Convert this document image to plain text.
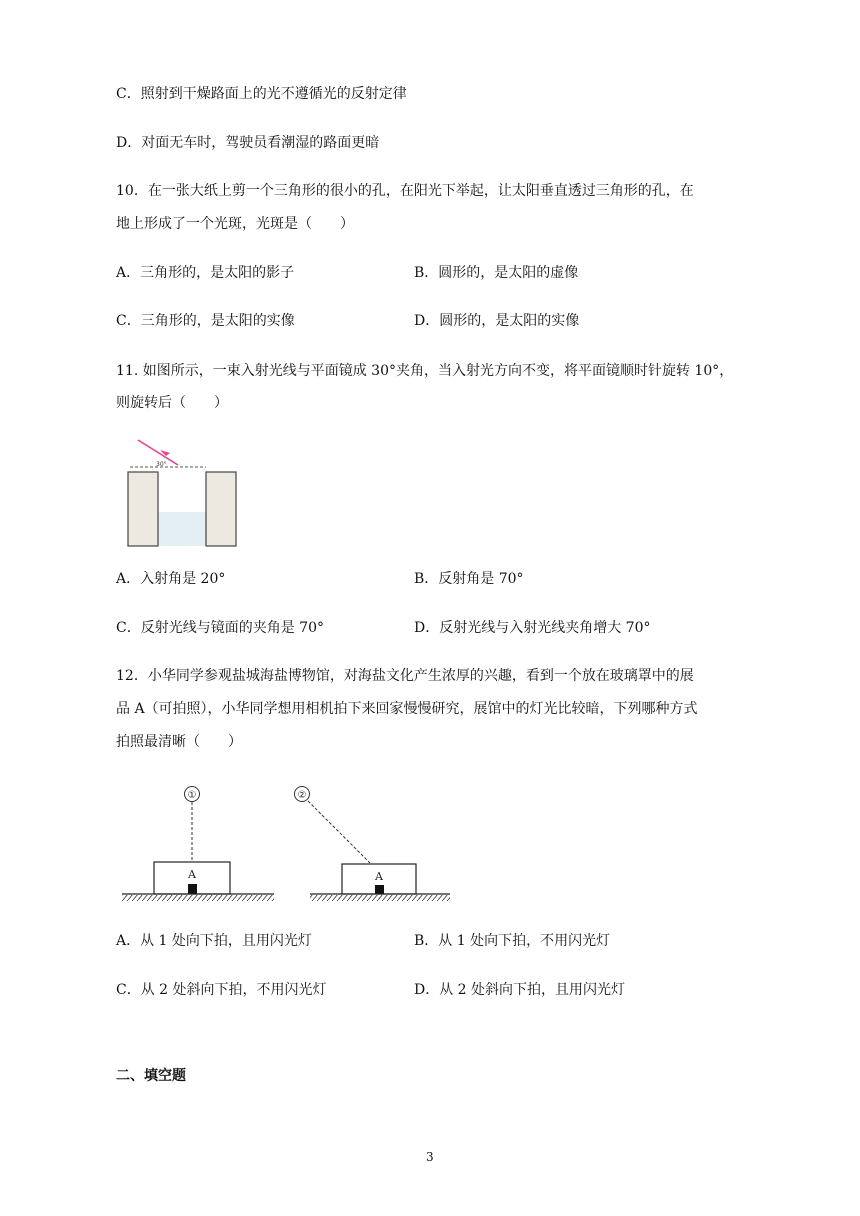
C．照射到干燥路面上的光不遵循光的反射定律
D．对面无车时，驾驶员看潮湿的路面更暗
10．在一张大纸上剪一个三角形的很小的孔，在阳光下举起，让太阳垂直透过三角形的孔，在
地上形成了一个光斑，光斑是（　　）
A．三角形的，是太阳的影子	B．圆形的，是太阳的虚像
C．三角形的，是太阳的实像	D．圆形的，是太阳的实像
11. 如图所示，一束入射光线与平面镜成 30°夹角，当入射光方向不变，将平面镜顺时针旋转 10°，
则旋转后（　　）
30°
A．入射角是 20°	B．反射角是 70°
C．反射光线与镜面的夹角是 70°	D．反射光线与入射光线夹角增大 70°
12．小华同学参观盐城海盐博物馆，对海盐文化产生浓厚的兴趣，看到一个放在玻璃罩中的展
品 A（可拍照），小华同学想用相机拍下来回家慢慢研究，展馆中的灯光比较暗，下列哪种方式
拍照最清晰（　　）
①
A
②
A
A．从 1 处向下拍，且用闪光灯	B．从 1 处向下拍，不用闪光灯
C．从 2 处斜向下拍，不用闪光灯	D．从 2 处斜向下拍，且用闪光灯
二、填空题
3
